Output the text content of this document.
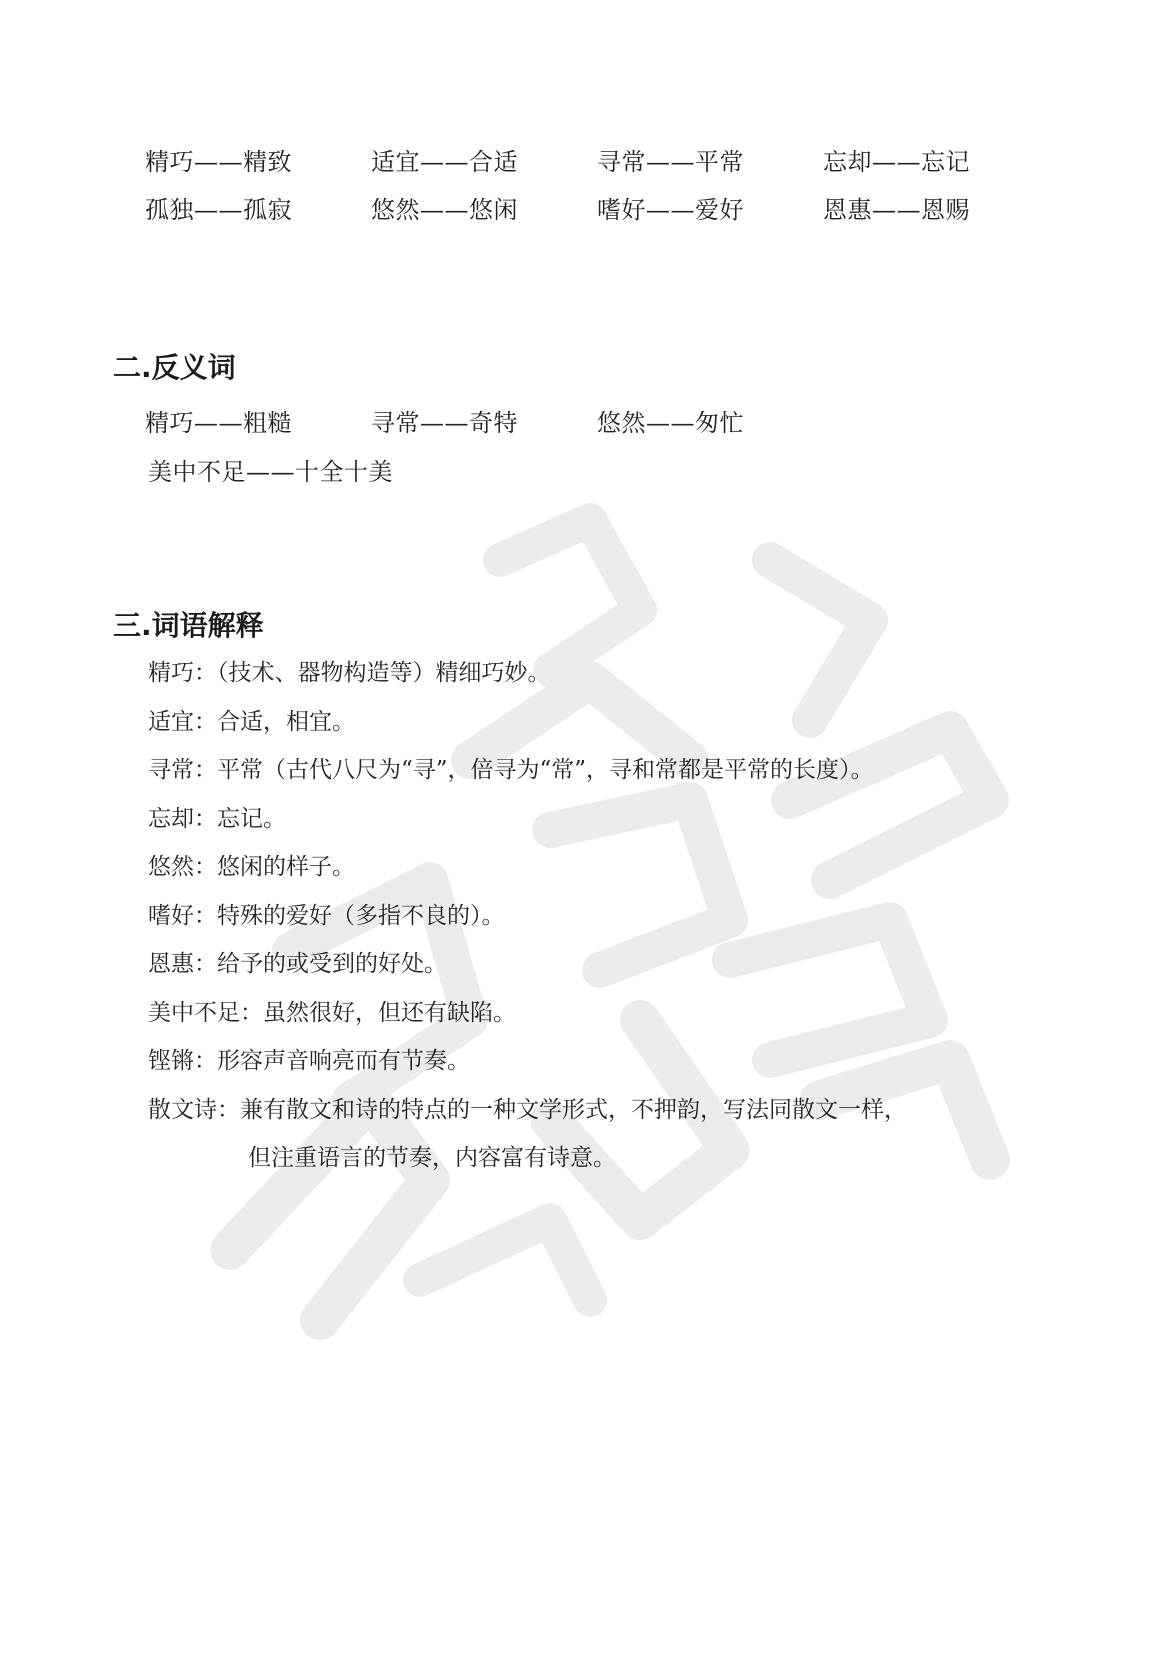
精巧——精致	适宜——合适	寻常——平常	忘却——忘记
孤独——孤寂	悠然——悠闲	嗜好——爱好	恩惠——恩赐
二.反义词
精巧——粗糙	寻常——奇特	悠然——匆忙
美中不足——十全十美
三.词语解释
精巧：（技术、器物构造等）精细巧妙。
适宜：合适，相宜。
寻常：平常（古代八尺为“寻”，倍寻为“常”，寻和常都是平常的长度）。
忘却：忘记。
悠然：悠闲的样子。
嗜好：特殊的爱好（多指不良的）。
恩惠：给予的或受到的好处。
美中不足：虽然很好，但还有缺陷。
铿锵：形容声音响亮而有节奏。
散文诗：兼有散文和诗的特点的一种文学形式，不押韵，写法同散文一样，
但注重语言的节奏，内容富有诗意。
